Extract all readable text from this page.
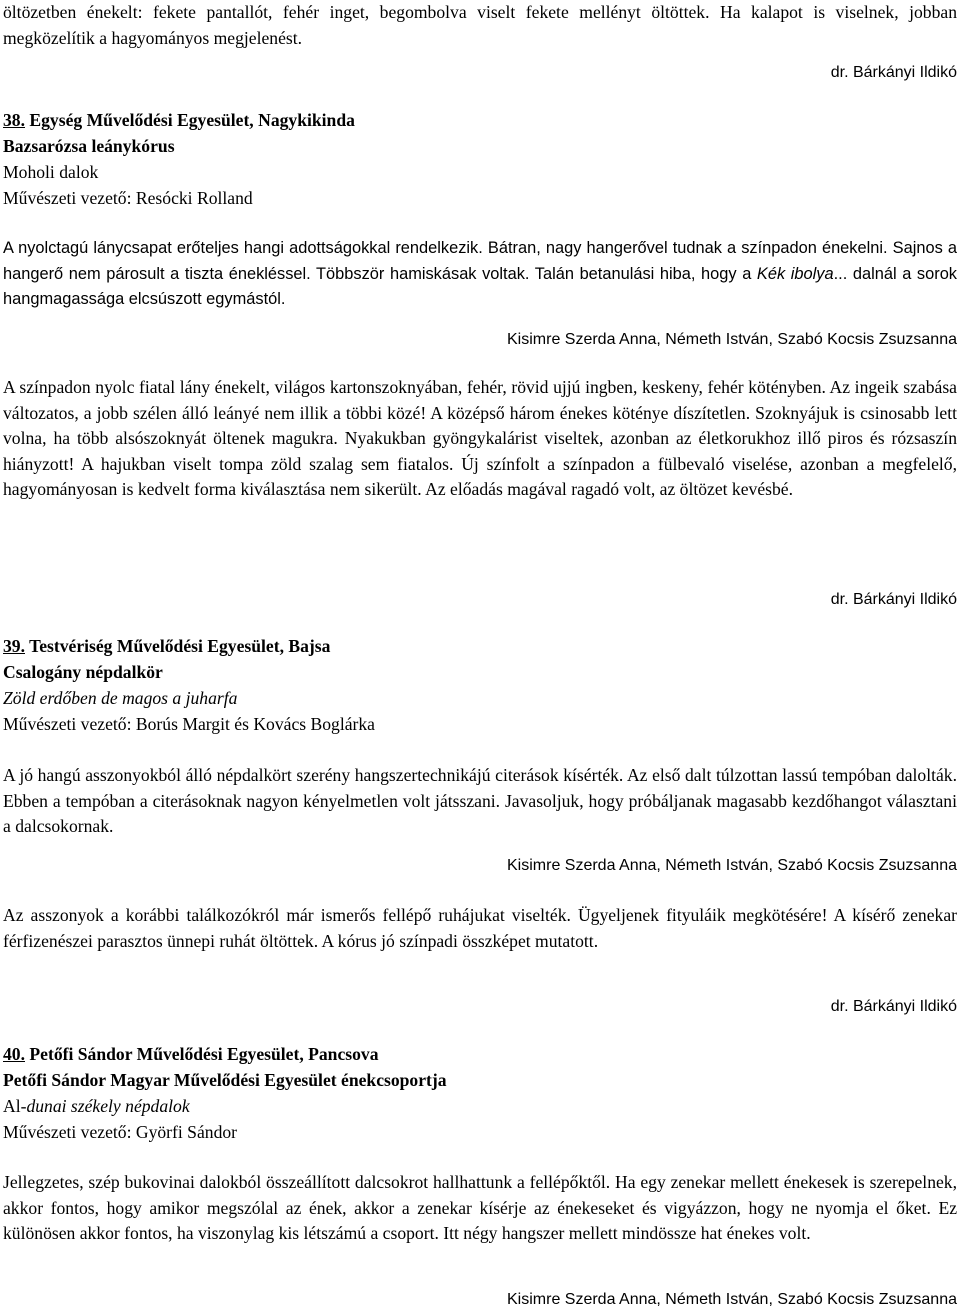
öltözetben énekelt: fekete pantallót, fehér inget, begombolva viselt fekete mellényt öltöttek. Ha kalapot is viselnek, jobban megközelítik a hagyományos megjelenést.

dr. Bárkányi Ildikó

38. Egység Művelődési Egyesület, Nagykikinda

Bazsarózsa leánykórus

Moholi dalok

Művészeti vezető: Resócki Rolland

A nyolctagú lánycsapat erőteljes hangi adottságokkal rendelkezik. Bátran, nagy hangerővel tudnak a színpadon énekelni. Sajnos a hangerő nem párosult a tiszta énekléssel. Többször hamiskásak voltak. Talán betanulási hiba, hogy a Kék ibolya... dalnál a sorok hangmagassága elcsúszott egymástól.

Kisimre Szerda Anna, Németh István, Szabó Kocsis Zsuzsanna

A színpadon nyolc fiatal lány énekelt, világos kartonszoknyában, fehér, rövid ujjú ingben, keskeny, fehér kötényben. Az ingeik szabása változatos, a jobb szélen álló leányé nem illik a többi közé! A középső három énekes köténye díszítetlen. Szoknyájuk is csinosabb lett volna, ha több alsószoknyát öltenek magukra. Nyakukban gyöngykalárist viseltek, azonban az életkorukhoz illő piros és rózsaszín hiányzott! A hajukban viselt tompa zöld szalag sem fiatalos. Új színfolt a színpadon a fülbevaló viselése, azonban a megfelelő, hagyományosan is kedvelt forma kiválasztása nem sikerült. Az előadás magával ragadó volt, az öltözet kevésbé.

dr. Bárkányi Ildikó

39. Testvériség Művelődési Egyesület, Bajsa

Csalogány népdalkör

Zöld erdőben de magos a juharfa

Művészeti vezető: Borús Margit és Kovács Boglárka

A jó hangú asszonyokból álló népdalkört szerény hangszertechnikájú citerások kísérték. Az első dalt túlzottan lassú tempóban dalolták. Ebben a tempóban a citerásoknak nagyon kényelmetlen volt játsszani. Javasoljuk, hogy próbáljanak magasabb kezdőhangot választani a dalcsokornak.

Kisimre Szerda Anna, Németh István, Szabó Kocsis Zsuzsanna

Az asszonyok a korábbi találkozókról már ismerős fellépő ruhájukat viselték. Ügyeljenek fityuláik megkötésére! A kísérő zenekar férfizenészei parasztos ünnepi ruhát öltöttek. A kórus jó színpadi összképet mutatott.

dr. Bárkányi Ildikó

40. Petőfi Sándor Művelődési Egyesület, Pancsova

Petőfi Sándor Magyar Művelődési Egyesület énekcsoportja

Al-dunai székely népdalok

Művészeti vezető: Györfi Sándor

Jellegzetes, szép bukovinai dalokból összeállított dalcsokrot hallhattunk a fellépőktől. Ha egy zenekar mellett énekesek is szerepelnek, akkor fontos, hogy amikor megszólal az ének, akkor a zenekar kísérje az énekeseket és vigyázzon, hogy ne nyomja el őket. Ez különösen akkor fontos, ha viszonylag kis létszámú a csoport. Itt négy hangszer mellett mindössze hat énekes volt.

Kisimre Szerda Anna, Németh István, Szabó Kocsis Zsuzsanna
